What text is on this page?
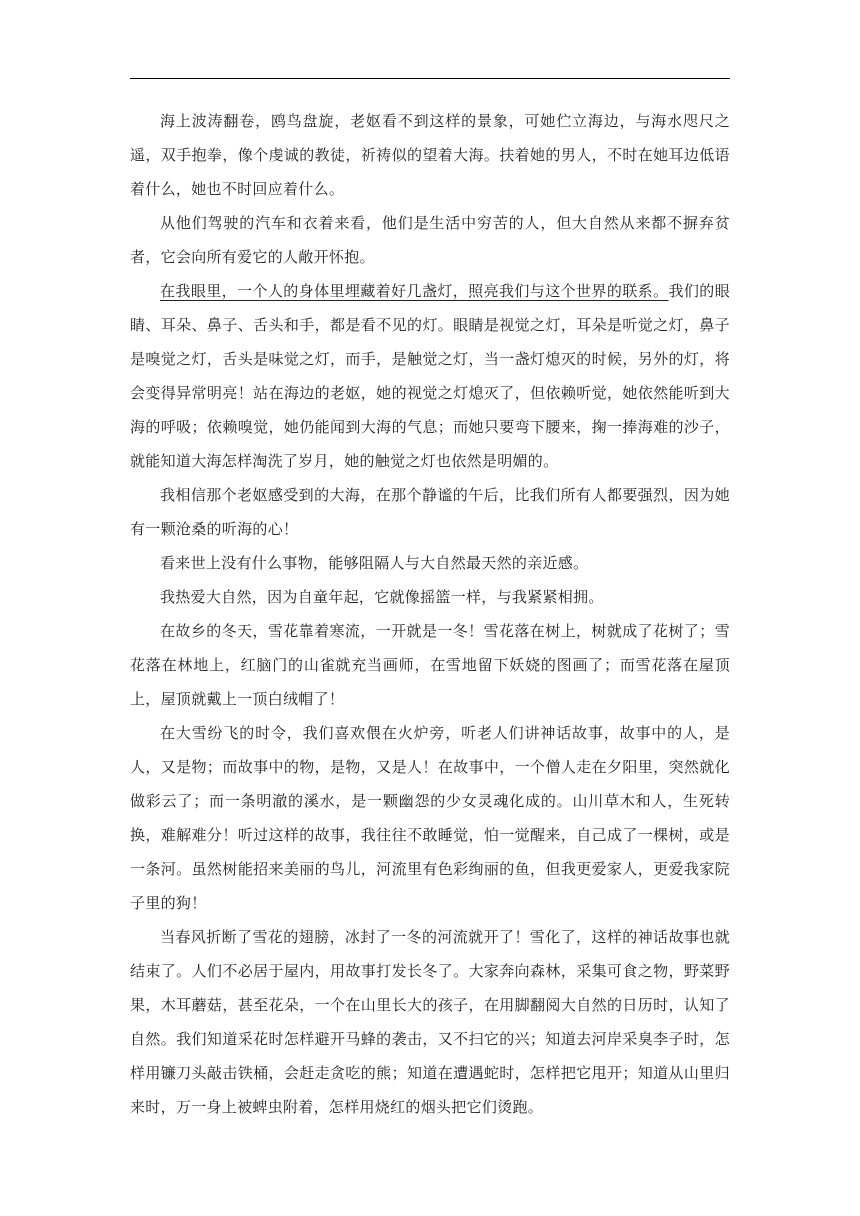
海上波涛翻卷，鸥鸟盘旋，老妪看不到这样的景象，可她伫立海边，与海水咫尺之遥，双手抱拳，像个虔诚的教徒，祈祷似的望着大海。扶着她的男人，不时在她耳边低语着什么，她也不时回应着什么。

从他们驾驶的汽车和衣着来看，他们是生活中穷苦的人，但大自然从来都不摒弃贫者，它会向所有爱它的人敞开怀抱。

在我眼里，一个人的身体里埋藏着好几盏灯，照亮我们与这个世界的联系。我们的眼睛、耳朵、鼻子、舌头和手，都是看不见的灯。眼睛是视觉之灯，耳朵是听觉之灯，鼻子是嗅觉之灯，舌头是味觉之灯，而手，是触觉之灯，当一盏灯熄灭的时候，另外的灯，将会变得异常明亮！站在海边的老妪，她的视觉之灯熄灭了，但依赖听觉，她依然能听到大海的呼吸；依赖嗅觉，她仍能闻到大海的气息；而她只要弯下腰来，掬一捧海难的沙子，就能知道大海怎样淘洗了岁月，她的触觉之灯也依然是明媚的。

我相信那个老妪感受到的大海，在那个静谧的午后，比我们所有人都要强烈，因为她有一颗沧桑的听海的心！

看来世上没有什么事物，能够阻隔人与大自然最天然的亲近感。

我热爱大自然，因为自童年起，它就像摇篮一样，与我紧紧相拥。

在故乡的冬天，雪花靠着寒流，一开就是一冬！雪花落在树上，树就成了花树了；雪花落在林地上，红脑门的山雀就充当画师，在雪地留下妖娆的图画了；而雪花落在屋顶上，屋顶就戴上一顶白绒帽了！

在大雪纷飞的时令，我们喜欢偎在火炉旁，听老人们讲神话故事，故事中的人，是人，又是物；而故事中的物，是物，又是人！在故事中，一个僧人走在夕阳里，突然就化做彩云了；而一条明澈的溪水，是一颗幽怨的少女灵魂化成的。山川草木和人，生死转换，难解难分！听过这样的故事，我往往不敢睡觉，怕一觉醒来，自己成了一棵树，或是一条河。虽然树能招来美丽的鸟儿，河流里有色彩绚丽的鱼，但我更爱家人，更爱我家院子里的狗！

当春风折断了雪花的翅膀，冰封了一冬的河流就开了！雪化了，这样的神话故事也就结束了。人们不必居于屋内，用故事打发长冬了。大家奔向森林，采集可食之物，野菜野果，木耳蘑菇，甚至花朵，一个在山里长大的孩子，在用脚翻阅大自然的日历时，认知了自然。我们知道采花时怎样避开马蜂的袭击，又不扫它的兴；知道去河岸采臭李子时，怎样用镰刀头敲击铁桶，会赶走贪吃的熊；知道在遭遇蛇时，怎样把它甩开；知道从山里归来时，万一身上被蜱虫附着，怎样用烧红的烟头把它们烫跑。
